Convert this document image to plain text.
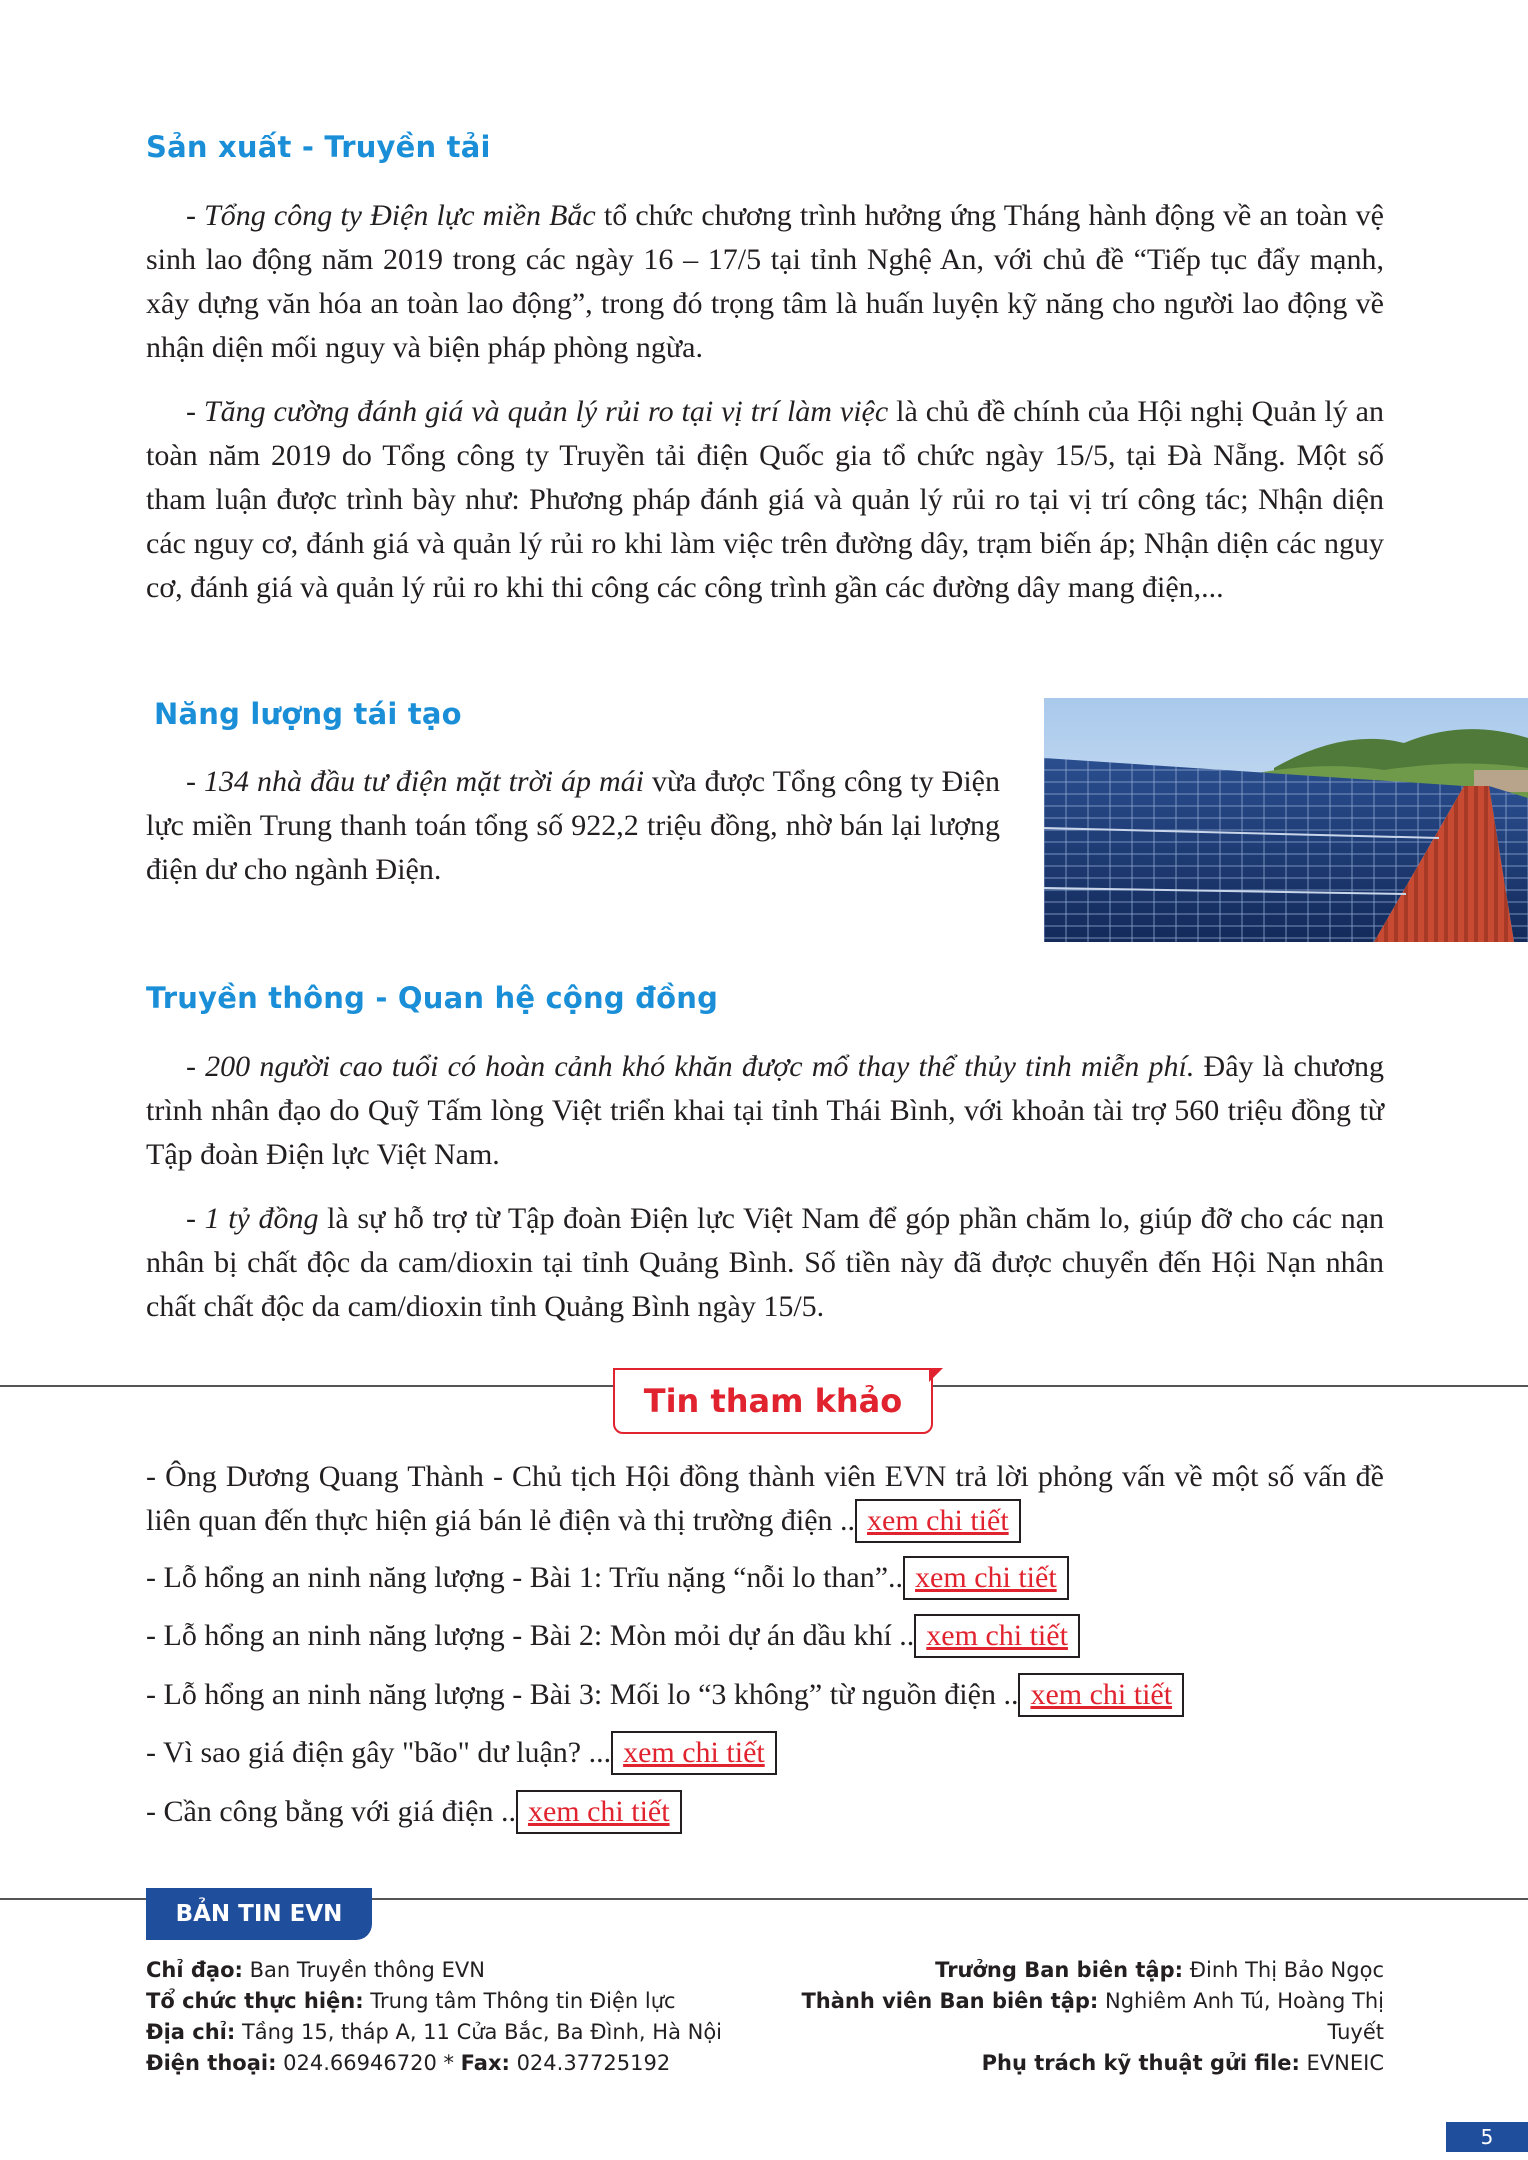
Sản xuất - Truyền tải

- Tổng công ty Điện lực miền Bắc tổ chức chương trình hưởng ứng Tháng hành động về an toàn vệ sinh lao động năm 2019 trong các ngày 16 – 17/5 tại tỉnh Nghệ An, với chủ đề “Tiếp tục đẩy mạnh, xây dựng văn hóa an toàn lao động”, trong đó trọng tâm là huấn luyện kỹ năng cho người lao động về nhận diện mối nguy và biện pháp phòng ngừa.

- Tăng cường đánh giá và quản lý rủi ro tại vị trí làm việc là chủ đề chính của Hội nghị Quản lý an toàn năm 2019 do Tổng công ty Truyền tải điện Quốc gia tổ chức ngày 15/5, tại Đà Nẵng. Một số tham luận được trình bày như: Phương pháp đánh giá và quản lý rủi ro tại vị trí công tác; Nhận diện các nguy cơ, đánh giá và quản lý rủi ro khi làm việc trên đường dây, trạm biến áp; Nhận diện các nguy cơ, đánh giá và quản lý rủi ro khi thi công các công trình gần các đường dây mang điện,...

Năng lượng tái tạo

- 134 nhà đầu tư điện mặt trời áp mái vừa được Tổng công ty Điện lực miền Trung thanh toán tổng số 922,2 triệu đồng, nhờ bán lại lượng điện dư cho ngành Điện.

Truyền thông - Quan hệ cộng đồng

- 200 người cao tuổi có hoàn cảnh khó khăn được mổ thay thể thủy tinh miễn phí. Đây là chương trình nhân đạo do Quỹ Tấm lòng Việt triển khai tại tỉnh Thái Bình, với khoản tài trợ 560 triệu đồng từ Tập đoàn Điện lực Việt Nam.

- 1 tỷ đồng là sự hỗ trợ từ Tập đoàn Điện lực Việt Nam để góp phần chăm lo, giúp đỡ cho các nạn nhân bị chất độc da cam/dioxin tại tỉnh Quảng Bình. Số tiền này đã được chuyển đến Hội Nạn nhân chất chất độc da cam/dioxin tỉnh Quảng Bình ngày 15/5.

Tin tham khảo

- Ông Dương Quang Thành - Chủ tịch Hội đồng thành viên EVN trả lời phỏng vấn về một số vấn đề liên quan đến thực hiện giá bán lẻ điện và thị trường điện .. xem chi tiết

- Lỗ hổng an ninh năng lượng - Bài 1: Trĩu nặng “nỗi lo than”.. xem chi tiết

- Lỗ hổng an ninh năng lượng - Bài 2: Mòn mỏi dự án dầu khí .. xem chi tiết

- Lỗ hổng an ninh năng lượng - Bài 3: Mối lo “3 không” từ nguồn điện .. xem chi tiết

- Vì sao giá điện gây "bão" dư luận? ... xem chi tiết

- Cần công bằng với giá điện .. xem chi tiết

BẢN TIN EVN
Chỉ đạo: Ban Truyền thông EVN
Tổ chức thực hiện: Trung tâm Thông tin Điện lực
Địa chỉ: Tầng 15, tháp A, 11 Cửa Bắc, Ba Đình, Hà Nội
Điện thoại: 024.66946720 * Fax: 024.37725192
Trưởng Ban biên tập: Đinh Thị Bảo Ngọc
Thành viên Ban biên tập: Nghiêm Anh Tú, Hoàng Thị Tuyết
Phụ trách kỹ thuật gửi file: EVNEIC
5
